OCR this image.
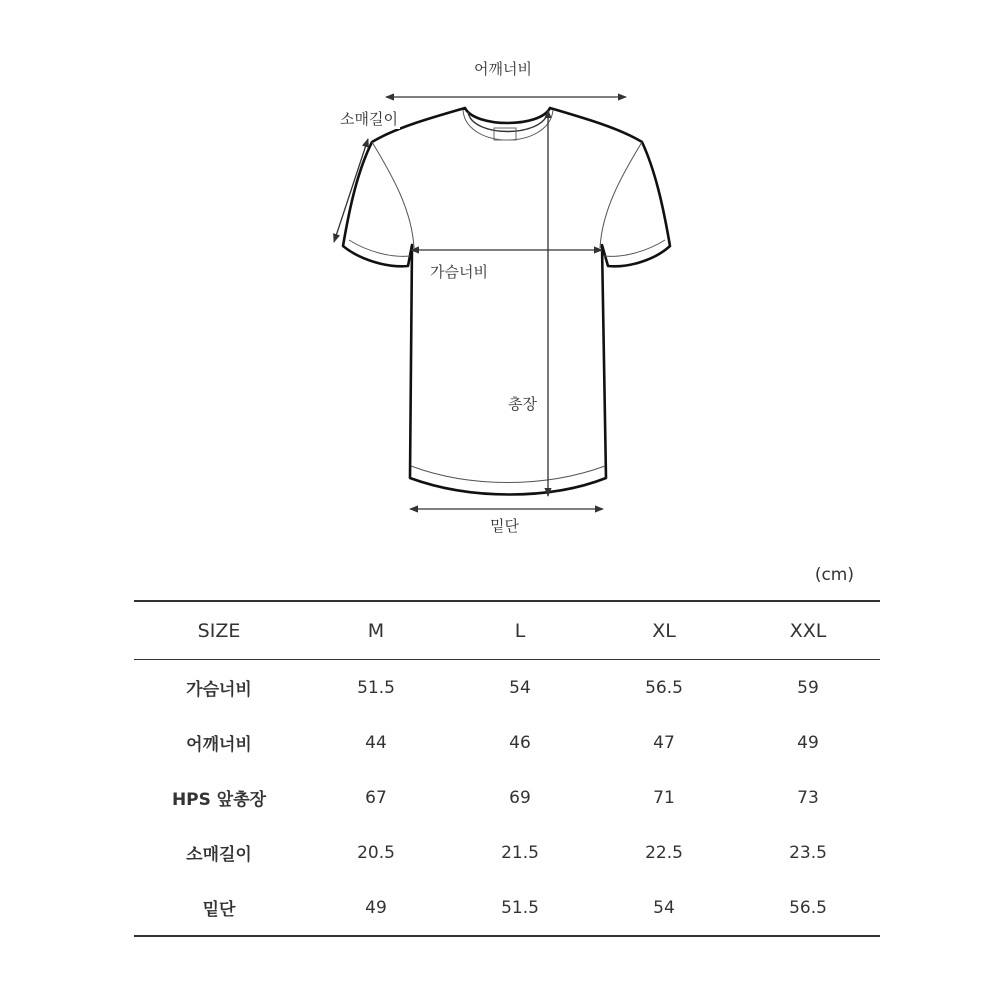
어깨너비
소매길이
가슴너비
총장
밑단
(cm)
SIZE	M	L	XL	XXL
가슴너비	51.5	54	56.5	59
어깨너비	44	46	47	49
HPS 앞총장	67	69	71	73
소매길이	20.5	21.5	22.5	23.5
밑단	49	51.5	54	56.5
